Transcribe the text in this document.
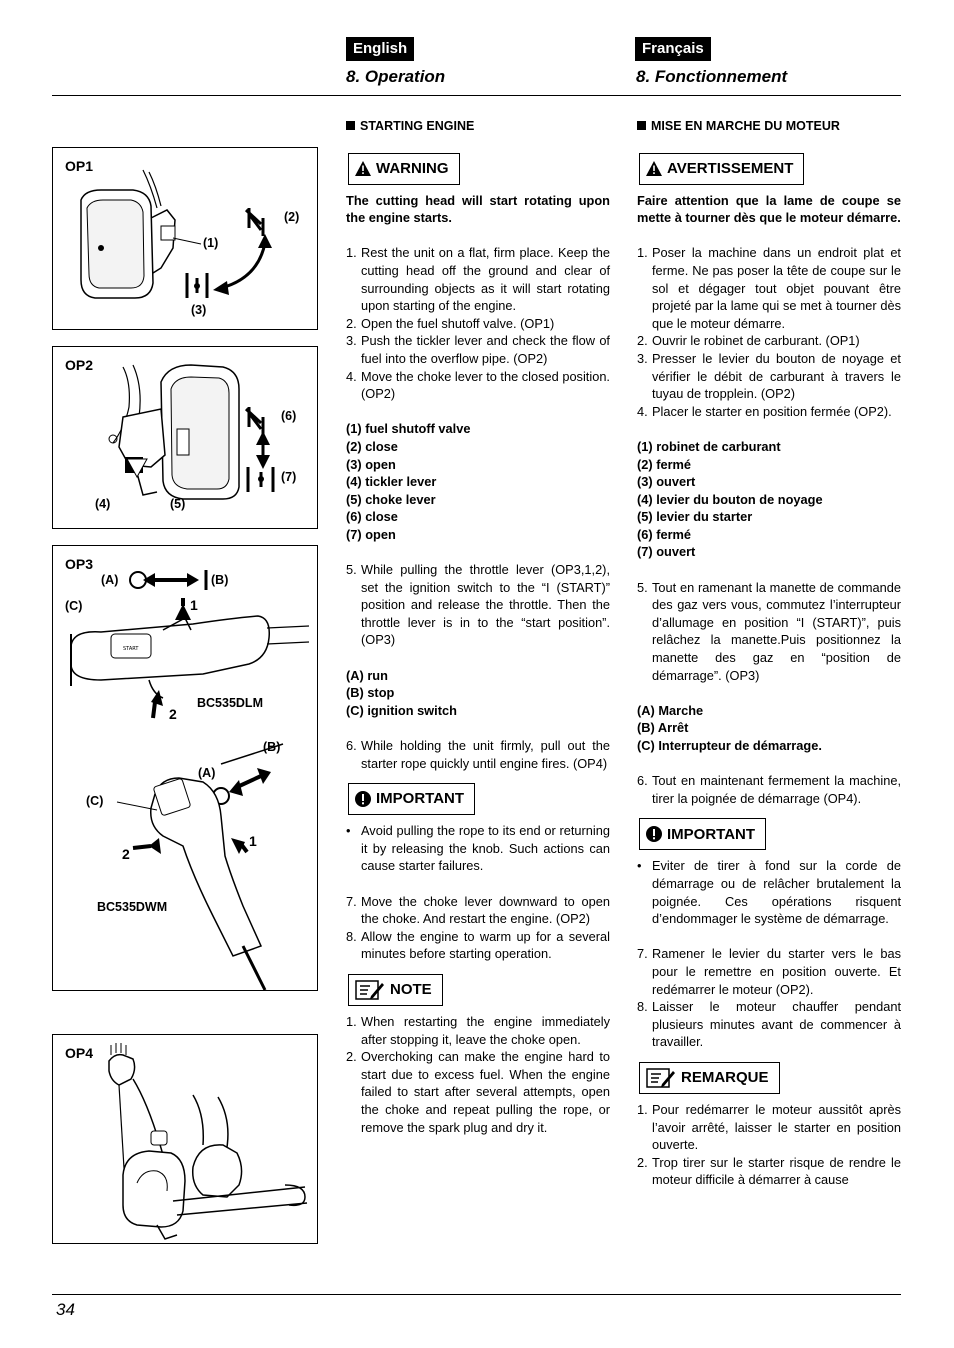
English	Français
8. Operation	8. Fonctionnement
34
OP1
(1)
(2)
(3)
OP2
(4)	(5)
(6)
(7)
START
OP3
(A)	(B)
(C)	1
2
BC535DLM
(A)
(B)
(C)
1
2
BC535DWM
OP4
STARTING ENGINE
WARNING
The cutting head will start rotating upon the engine starts.
1. Rest the unit on a flat, firm place. Keep the cutting head off the ground and clear of surrounding objects as it will start rotating upon starting of the engine.
2. Open the fuel shutoff valve. (OP1)
3. Push the tickler lever and check the flow of fuel into the overflow pipe. (OP2)
4. Move the choke lever to the closed position. (OP2)
(1) fuel shutoff valve
(2) close
(3) open
(4) tickler lever
(5) choke lever
(6) close
(7) open
5. While pulling the throttle lever (OP3,1,2), set the ignition switch to the “I (START)” position and release the throttle. Then the throttle lever is in to the “start position”. (OP3)
(A) run
(B) stop
(C) ignition switch
6. While holding the unit firmly, pull out the starter rope quickly until engine fires. (OP4)
IMPORTANT
• Avoid pulling the rope to its end or returning it by releasing the knob. Such actions can cause starter failures.
7. Move the choke lever downward to open the choke. And restart the engine. (OP2)
8. Allow the engine to warm up for a several minutes before starting operation.
NOTE
1. When restarting the engine immediately after stopping it, leave the choke open.
2. Overchoking can make the engine hard to start due to excess fuel. When the engine failed to start after several attempts, open the choke and repeat pulling the rope, or remove the spark plug and dry it.
MISE EN MARCHE DU MOTEUR
AVERTISSEMENT
Faire attention que la lame de coupe se mette à tourner dès que le moteur démarre.
1. Poser la machine dans un endroit plat et ferme. Ne pas poser la tête de coupe sur le sol et dégager tout objet pouvant être projeté par la lame qui se met à tourner dès que le moteur démarre.
2. Ouvrir le robinet de carburant. (OP1)
3. Presser le levier du bouton de noyage et vérifier le débit de carburant à travers le tuyau de tropplein. (OP2)
4. Placer le starter en position fermée (OP2).
(1) robinet de carburant
(2) fermé
(3) ouvert
(4) levier du bouton de noyage
(5) levier du starter
(6) fermé
(7) ouvert
5. Tout en ramenant la manette de commande des gaz vers vous, commutez l’interrupteur d’allumage en position “I (START)”, puis relâchez la manette.Puis positionnez la manette des gaz en “position de démarrage”. (OP3)
(A) Marche
(B) Arrêt
(C) Interrupteur de démarrage.
6. Tout en maintenant fermement la machine, tirer la poignée de démarrage (OP4).
IMPORTANT
• Eviter de tirer à fond sur la corde de démarrage ou de relâcher brutalement la poignée. Ces opérations risquent d’endommager le système de démarrage.
7. Ramener le levier du starter vers le bas pour le remettre en position ouverte. Et redémarrer le moteur (OP2).
8. Laisser le moteur chauffer pendant plusieurs minutes avant de commencer à travailler.
REMARQUE
1. Pour redémarrer le moteur aussitôt après l’avoir arrêté, laisser le starter en position ouverte.
2. Trop tirer sur le starter risque de rendre le moteur difficile à démarrer à cause
